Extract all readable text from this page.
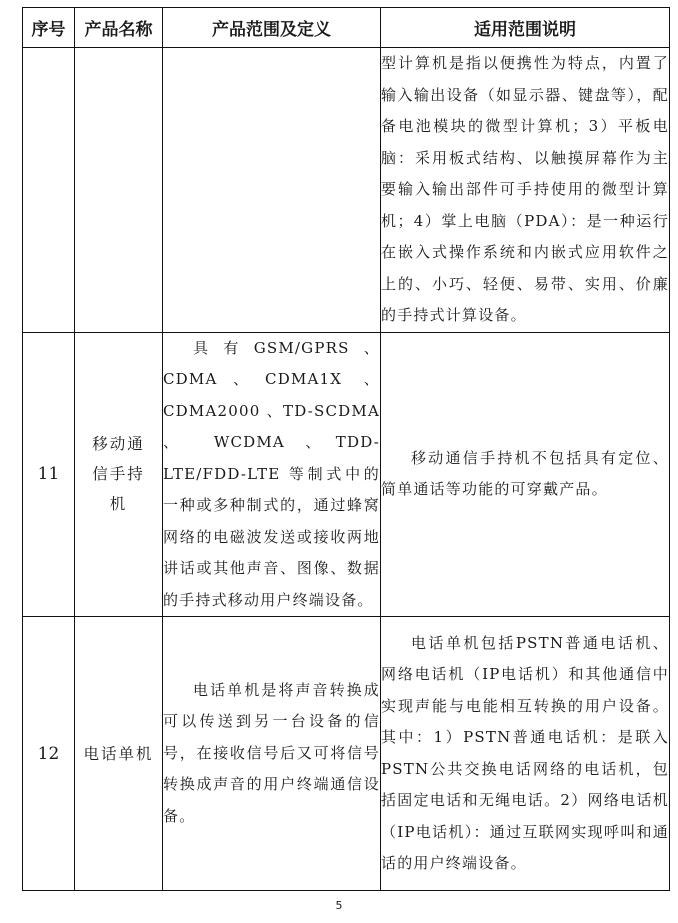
序号	产品名称	产品范围及定义	适用范围说明

			型计算机是指以便携性为特点，内置了输入输出设备（如显示器、键盘等），配备电池模块的微型计算机；3）平板电脑：采用板式结构、以触摸屏幕作为主要输入输出部件可手持使用的微型计算机；4）掌上电脑（PDA）：是一种运行在嵌入式操作系统和内嵌式应用软件之上的、小巧、轻便、易带、实用、价廉的手持式计算设备。

11	移动通信手持机	具有GSM/GPRS、CDMA、CDMA1X 、 CDMA2000 、TD-SCDMA 、 WCDMA 、TDD-LTE/FDD-LTE 等制式中的一种或多种制式的，通过蜂窝网络的电磁波发送或接收两地讲话或其他声音、图像、数据的手持式移动用户终端设备。	移动通信手持机不包括具有定位、简单通话等功能的可穿戴产品。

12	电话单机	电话单机是将声音转换成可以传送到另一台设备的信号，在接收信号后又可将信号转换成声音的用户终端通信设备。	电话单机包括PSTN普通电话机、网络电话机（IP电话机）和其他通信中实现声能与电能相互转换的用户设备。其中：1）PSTN普通电话机：是联入PSTN公共交换电话网络的电话机，包括固定电话和无绳电话。2）网络电话机（IP电话机）：通过互联网实现呼叫和通话的用户终端设备。

5
